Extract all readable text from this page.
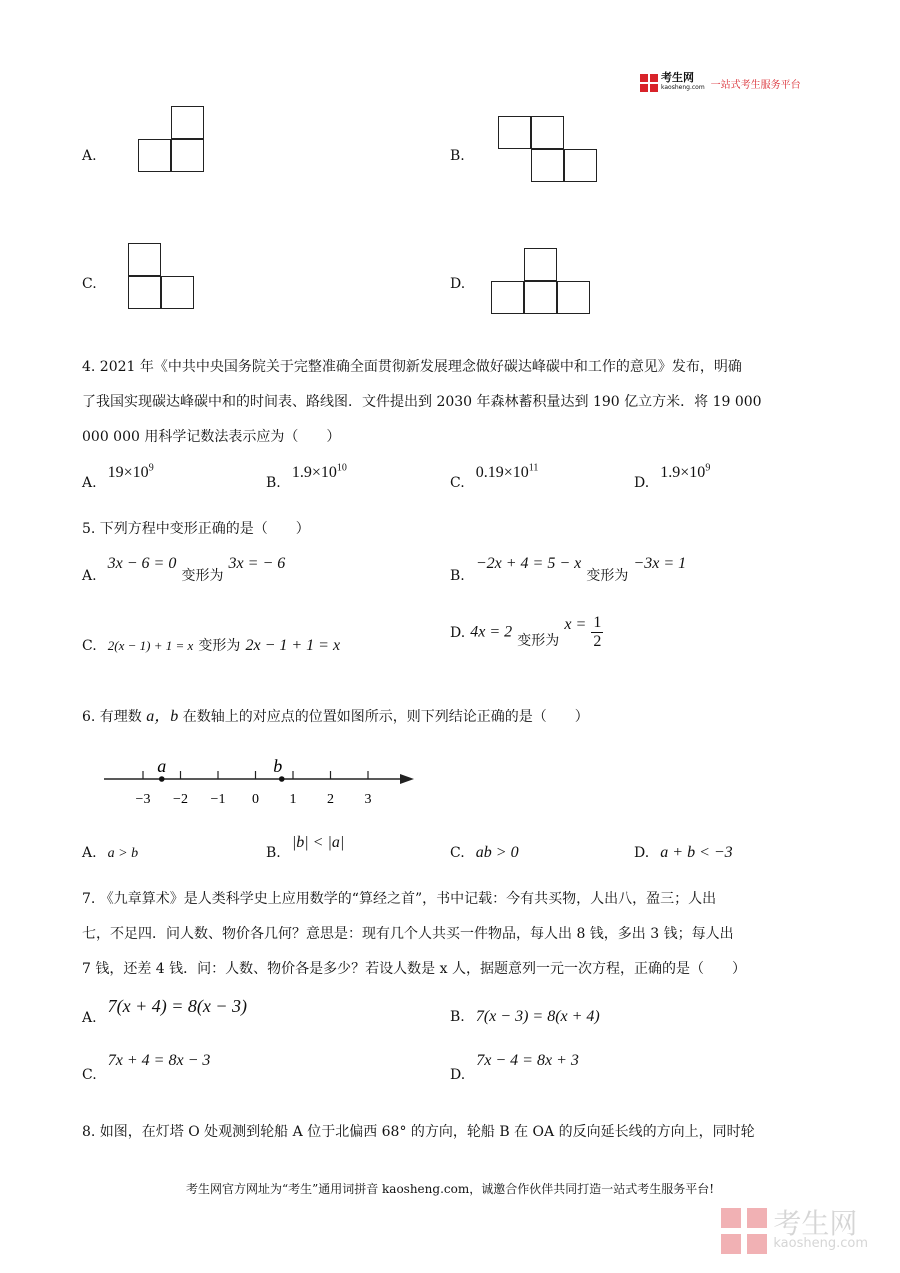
考生网
kaosheng.com 一站式考生服务平台
A.	B.
C.	D.
4. 2021 年《中共中央国务院关于完整准确全面贯彻新发展理念做好碳达峰碳中和工作的意见》发布，明确
了我国实现碳达峰碳中和的时间表、路线图．文件提出到 2030 年森林蓄积量达到 190 亿立方米．将 19 000
000 000 用科学记数法表示应为（　　）
A. $19\times 10^9$
B. $1.9\times 10^{10}$
C. $0.19\times 10^{11}$
D. $1.9\times 10^9$
5. 下列方程中变形正确的是（　　）
A. 3x − 6 = 0 变形为 3x = − 6
B. −2x + 4 = 5 − x 变形为 −3x = 1
C. 2(x − 1) + 1 = x 变形为 2x − 1 + 1 = x
D. 4x = 2 变形为 $x = \frac{1}{2}$
6. 有理数 a，b 在数轴上的对应点的位置如图所示，则下列结论正确的是（　　）
−3 −2 −1 0 1 2 3
a	b
A. a > b	B. |b| < |a|
C. ab > 0	D. a + b < −3
7. 《九章算术》是人类科学史上应用数学的“算经之首”，书中记载：今有共买物，人出八，盈三；人出
七，不足四．问人数、物价各几何？意思是：现有几个人共买一件物品，每人出 8 钱，多出 3 钱；每人出
7 钱，还差 4 钱．问：人数、物价各是多少？若设人数是 x 人，据题意列一元一次方程，正确的是（　　）
A. 7(x + 4) = 8(x − 3)
B. 7(x − 3) = 8(x + 4)
C. 7x + 4 = 8x − 3
D. 7x − 4 = 8x + 3
8. 如图，在灯塔 O 处观测到轮船 A 位于北偏西 68° 的方向，轮船 B 在 OA 的反向延长线的方向上，同时轮
考生网官方网址为“考生”通用词拼音 kaosheng.com，诚邀合作伙伴共同打造一站式考生服务平台!
考生网
kaosheng.com
